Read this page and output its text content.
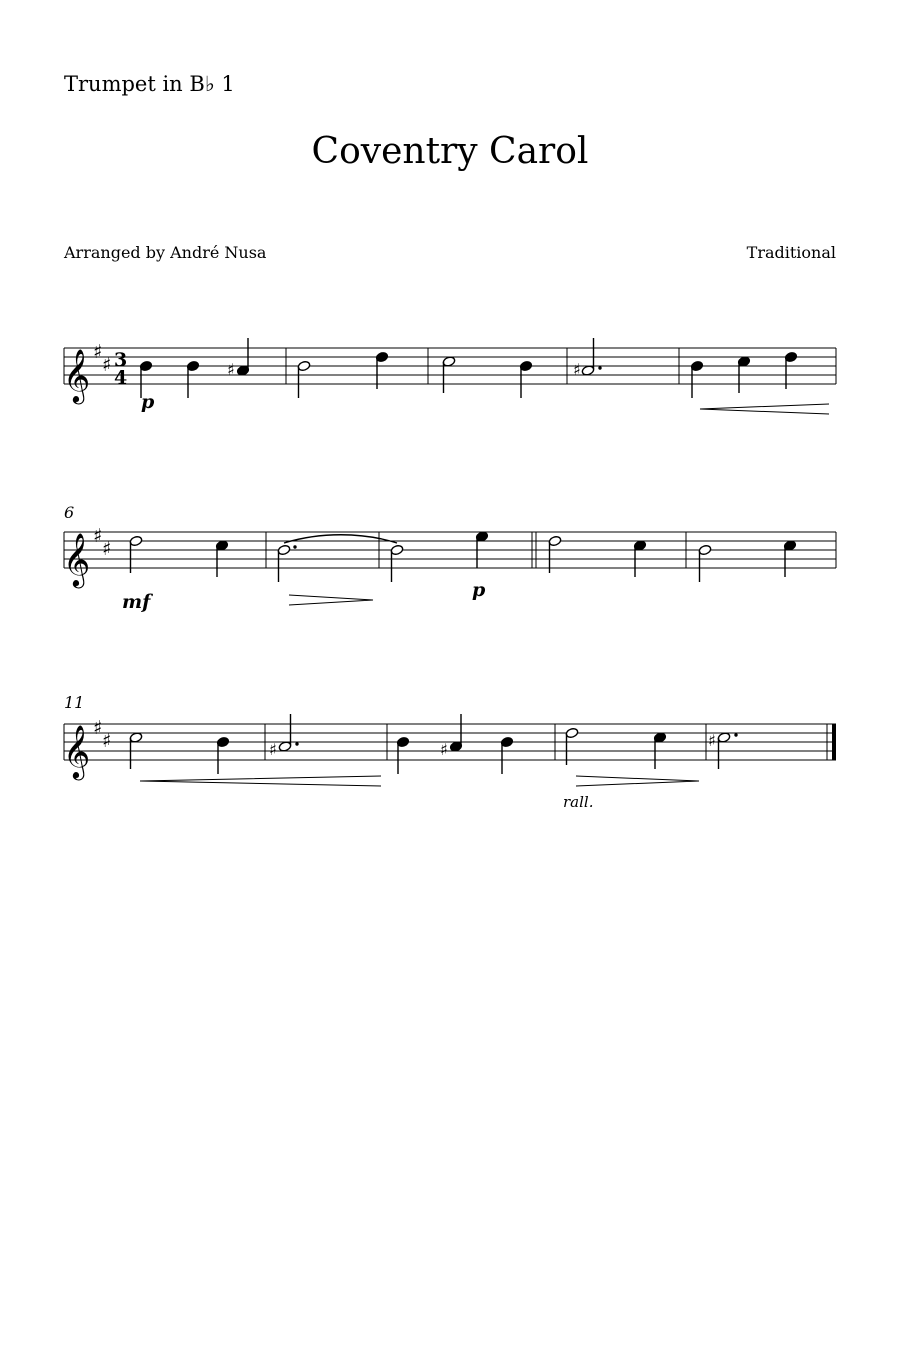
Trumpet in B♭ 1
Coventry Carol
Arranged by André Nusa	Traditional
𝄞 ♯
♯ 3
4	♯	♯
p
6
𝄞 ♯
♯
mf
p
11
𝄞 ♯
♯	♯	♯	♯
rall.
